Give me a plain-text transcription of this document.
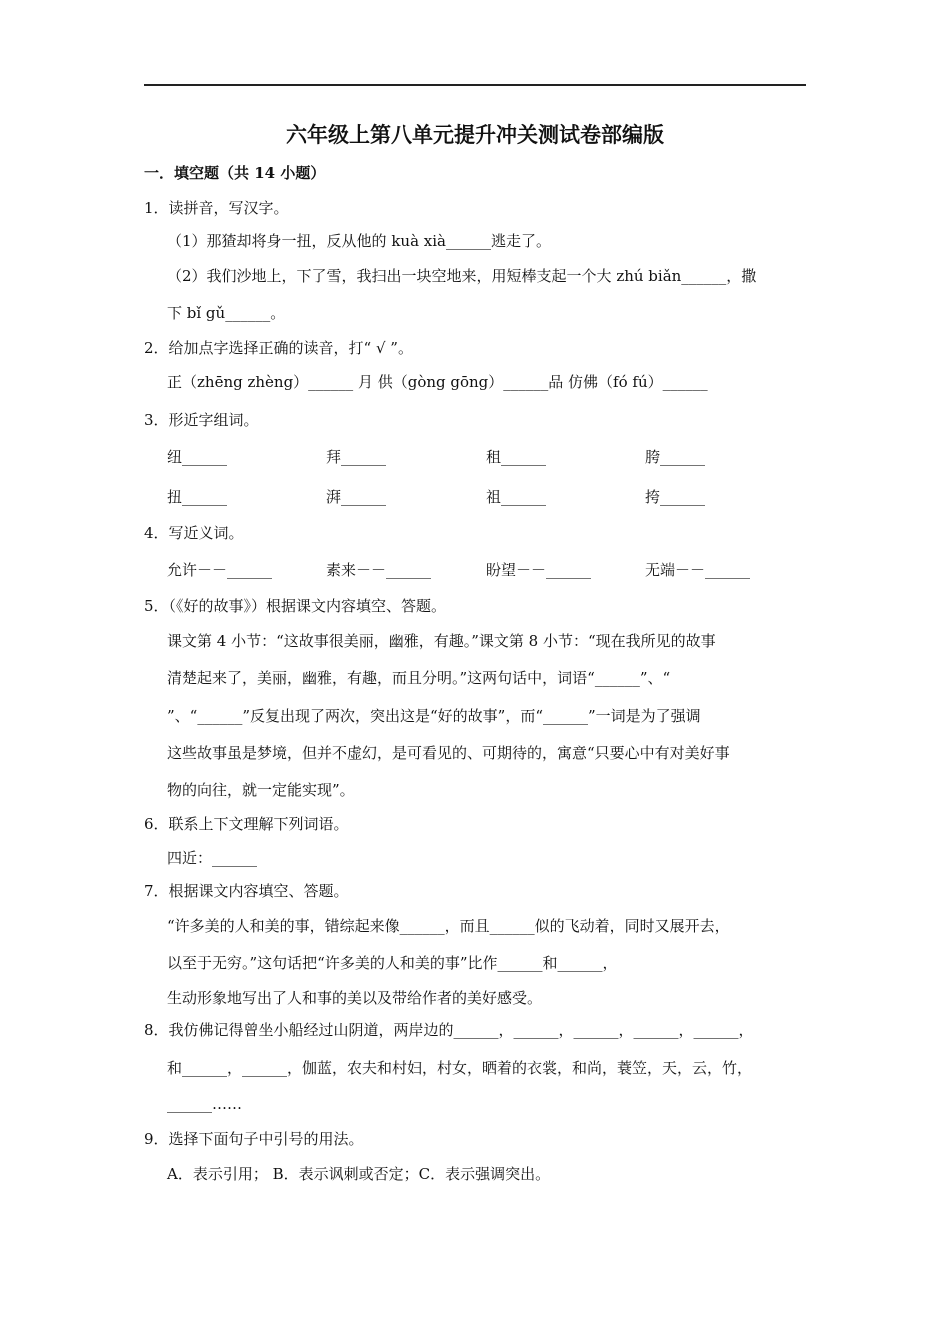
六年级上第八单元提升冲关测试卷部编版
一．填空题（共 14 小题）
1．读拼音，写汉字。
（1）那猹却将身一扭，反从他的 kuà xià______逃走了。
（2）我们沙地上，下了雪，我扫出一块空地来，用短棒支起一个大 zhú biǎn______，撒
下 bǐ gǔ______。
2．给加点字选择正确的读音，打“ √ ”。
正（zhēng zhèng）______ 月 供（gòng gōng）______品 仿佛（fó fú）______
3．形近字组词。
纽______	拜______	租______	胯______
扭______	湃______	祖______	挎______
4．写近义词。
允许－－______	素来－－______	盼望－－______	无端－－______
5．（《好的故事》）根据课文内容填空、答题。
课文第 4 小节：“这故事很美丽，幽雅，有趣。”课文第 8 小节：“现在我所见的故事
清楚起来了，美丽，幽雅，有趣，而且分明。”这两句话中，词语“______”、“
”、“______”反复出现了两次，突出这是“好的故事”，而“______”一词是为了强调
这些故事虽是梦境，但并不虚幻，是可看见的、可期待的，寓意“只要心中有对美好事
物的向往，就一定能实现”。
6．联系上下文理解下列词语。
四近：______
7．根据课文内容填空、答题。
“许多美的人和美的事，错综起来像______，而且______似的飞动着，同时又展开去，
以至于无穷。”这句话把“许多美的人和美的事”比作______和______，
生动形象地写出了人和事的美以及带给作者的美好感受。
8．我仿佛记得曾坐小船经过山阴道，两岸边的______，______，______，______，______，
和______，______，伽蓝，农夫和村妇，村女，晒着的衣裳，和尚，蓑笠，天，云，竹，
______……
9．选择下面句子中引号的用法。
A．表示引用； B．表示讽刺或否定；C．表示强调突出。
